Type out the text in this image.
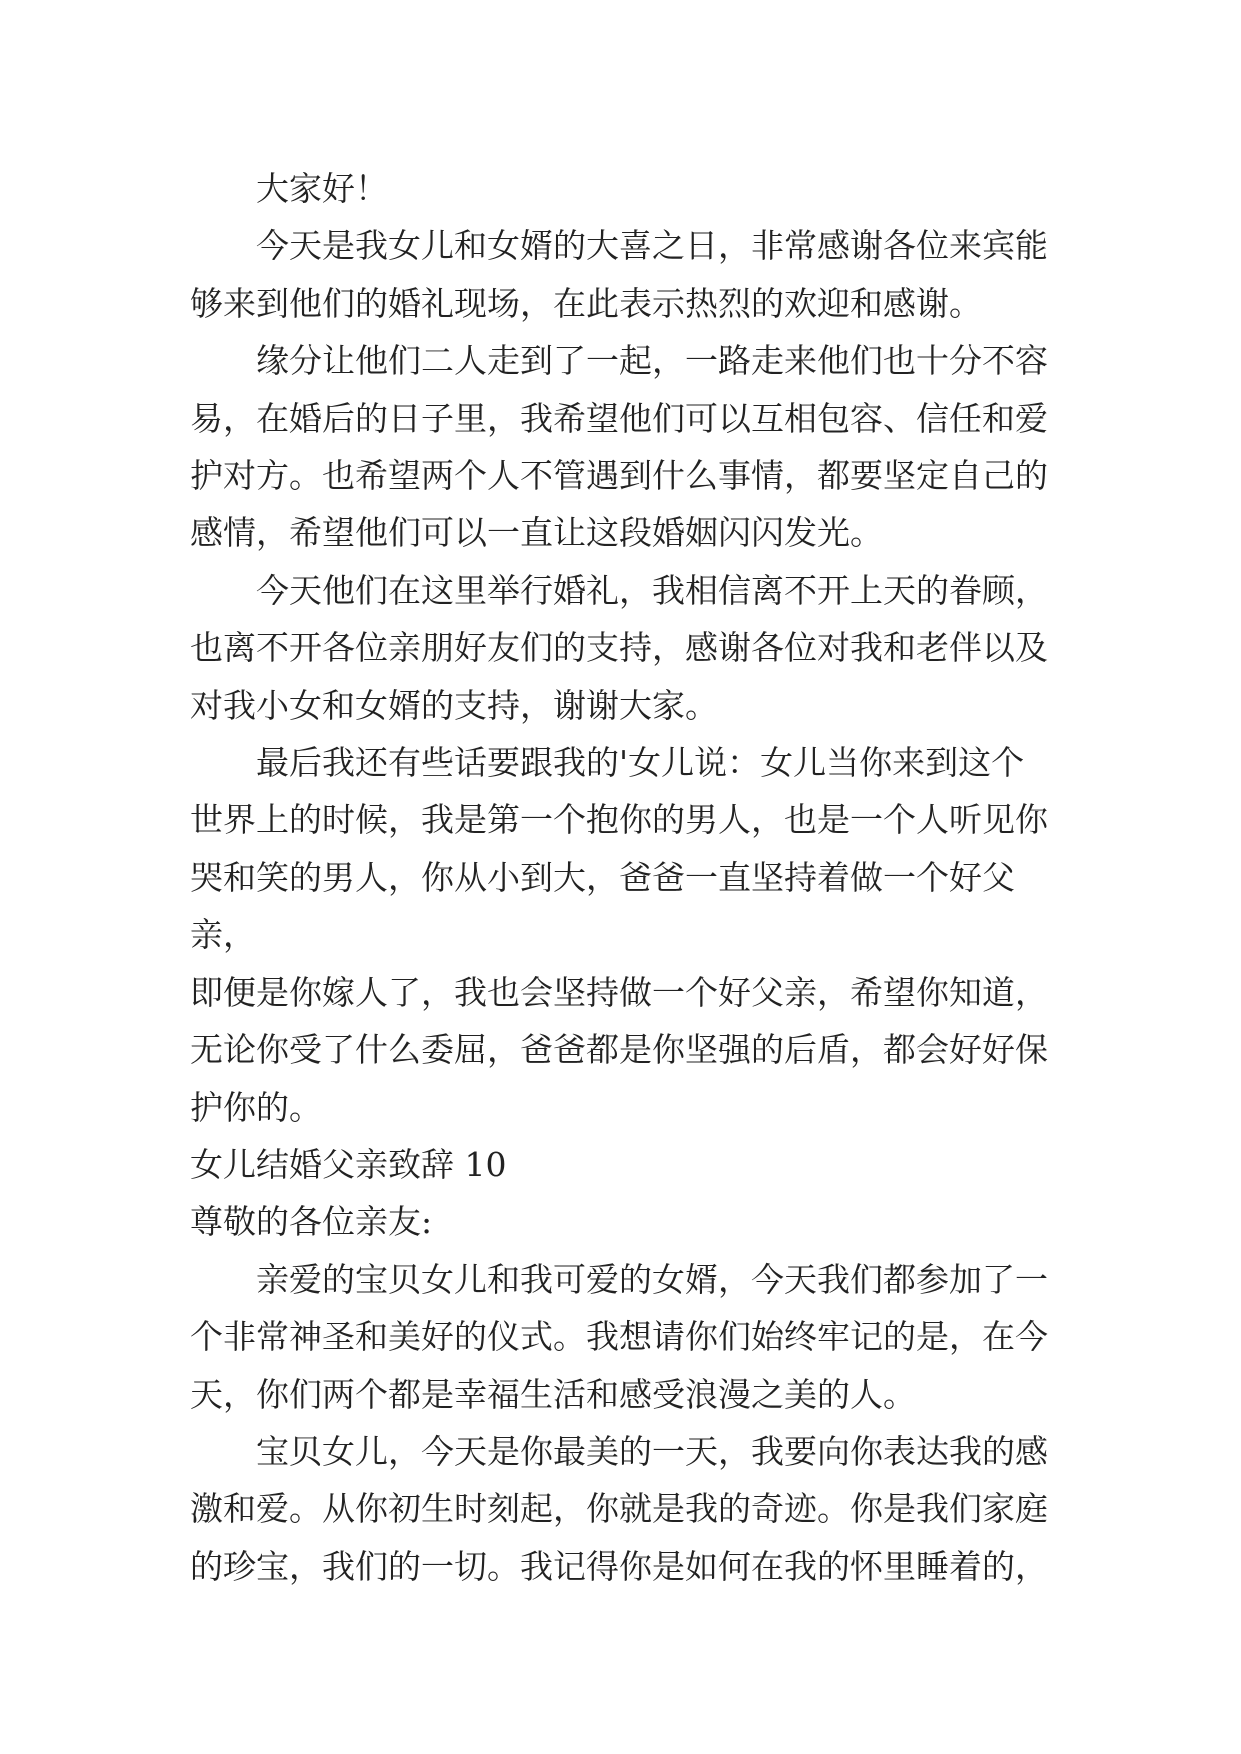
大家好！

今天是我女儿和女婿的大喜之日，非常感谢各位来宾能
够来到他们的婚礼现场，在此表示热烈的欢迎和感谢。

缘分让他们二人走到了一起，一路走来他们也十分不容
易，在婚后的日子里，我希望他们可以互相包容、信任和爱
护对方。也希望两个人不管遇到什么事情，都要坚定自己的
感情，希望他们可以一直让这段婚姻闪闪发光。

今天他们在这里举行婚礼，我相信离不开上天的眷顾，
也离不开各位亲朋好友们的支持，感谢各位对我和老伴以及
对我小女和女婿的支持，谢谢大家。

最后我还有些话要跟我的'女儿说：女儿当你来到这个
世界上的时候，我是第一个抱你的男人，也是一个人听见你
哭和笑的男人，你从小到大，爸爸一直坚持着做一个好父亲，
即便是你嫁人了，我也会坚持做一个好父亲，希望你知道，
无论你受了什么委屈，爸爸都是你坚强的后盾，都会好好保
护你的。

女儿结婚父亲致辞 10

尊敬的各位亲友:

亲爱的宝贝女儿和我可爱的女婿，今天我们都参加了一
个非常神圣和美好的仪式。我想请你们始终牢记的是，在今
天，你们两个都是幸福生活和感受浪漫之美的人。

宝贝女儿，今天是你最美的一天，我要向你表达我的感
激和爱。从你初生时刻起，你就是我的奇迹。你是我们家庭
的珍宝，我们的一切。我记得你是如何在我的怀里睡着的，
